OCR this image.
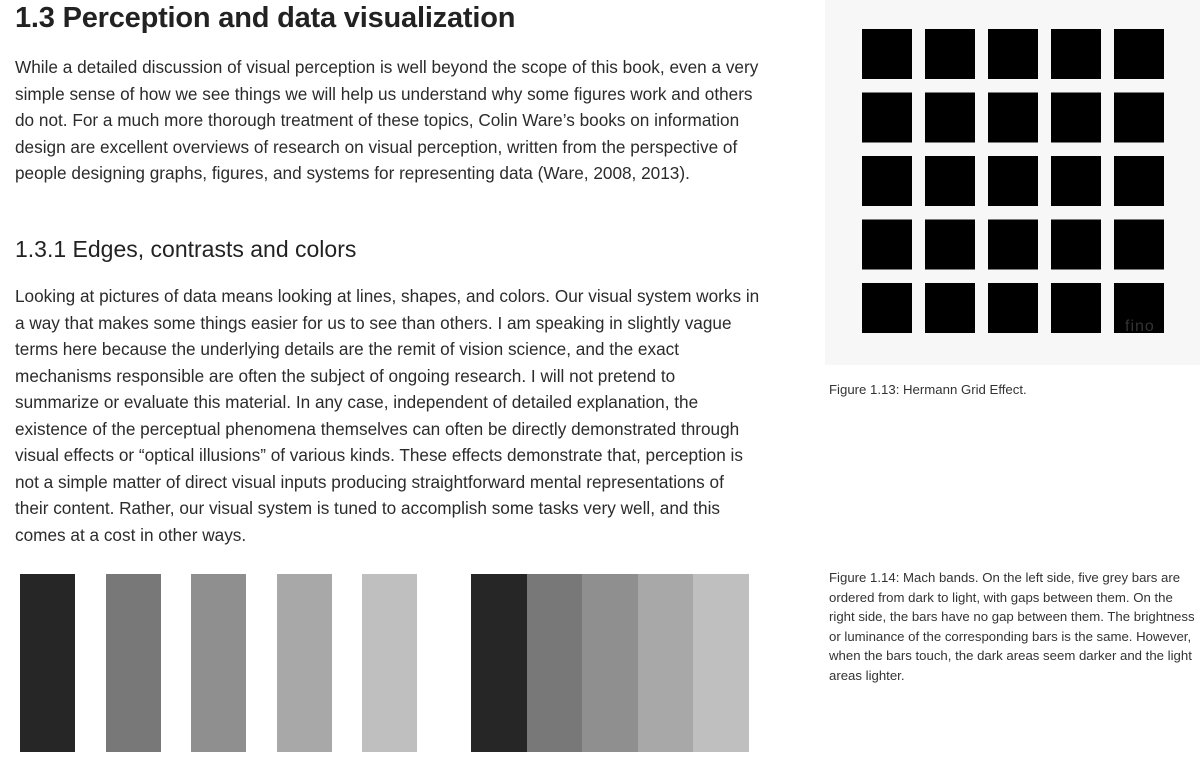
1.3 Perception and data visualization

While a detailed discussion of visual perception is well beyond the scope of this book, even a very simple sense of how we see things we will help us understand why some figures work and others do not. For a much more thorough treatment of these topics, Colin Ware’s books on information design are excellent overviews of research on visual perception, written from the perspective of people designing graphs, figures, and systems for representing data (Ware, 2008, 2013).

1.3.1 Edges, contrasts and colors

Looking at pictures of data means looking at lines, shapes, and colors. Our visual system works in a way that makes some things easier for us to see than others. I am speaking in slightly vague terms here because the underlying details are the remit of vision science, and the exact mechanisms responsible are often the subject of ongoing research. I will not pretend to summarize or evaluate this material. In any case, independent of detailed explanation, the existence of the perceptual phenomena themselves can often be directly demonstrated through visual effects or “optical illusions” of various kinds. These effects demonstrate that, perception is not a simple matter of direct visual inputs producing straightforward mental representations of their content. Rather, our visual system is tuned to accomplish some tasks very well, and this comes at a cost in other ways.

fino

Figure 1.13: Hermann Grid Effect.

Figure 1.14: Mach bands. On the left side, five grey bars are ordered from dark to light, with gaps between them. On the right side, the bars have no gap between them. The brightness or luminance of the corresponding bars is the same. However, when the bars touch, the dark areas seem darker and the light areas lighter.
